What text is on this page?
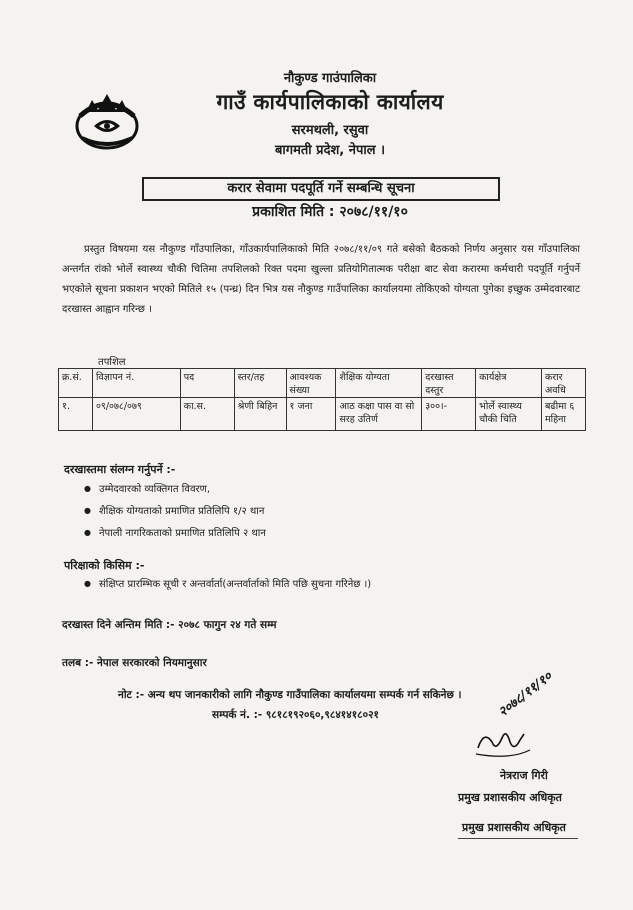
नौकुण्ड गाउंपालिका
गाउँ कार्यपालिकाको कार्यालय
सरमथली, रसुवा
बागमती प्रदेश, नेपाल ।
करार सेवामा पदपूर्ति गर्ने सम्बन्धि सूचना
प्रकाशित मिति : २०७८/११/१०
प्रस्तुत विषयमा यस नौकुण्ड गाँउपालिका, गाँउकार्यपालिकाको मिति २०७८/११/०९ गते बसेको बैठकको निर्णय अनुसार यस गाँउपालिका अन्तर्गत रांको भोर्ले स्वास्थ्य चौकी चितिमा तपशिलको रिक्त पदमा खुल्ला प्रतियोगितात्मक परीक्षा बाट सेवा करारमा कर्मचारी पदपूर्ति गर्नुपर्ने भएकोले सूचना प्रकाशन भएको मितिले १५ (पन्ध्र) दिन भित्र यस नौकुण्ड गाउँपालिका कार्यालयमा तोकिएको योग्यता पुगेका इच्छुक उम्मेदवारबाट दरखास्त आह्वान गरिन्छ ।
तपशिल
क्र.सं.	विज्ञापन नं.	पद	स्तर/तह	आवश्यक संख्या	शैक्षिक योग्यता	दरखास्त दस्तुर	कार्यक्षेत्र	करार अवधि
१.	०९/०७८/०७९	का.स.	श्रेणी बिहिन	१ जना	आठ कक्षा पास वा सो सरह उतिर्ण	३००।-	भोर्ले स्वास्थ्य चौकी चिति	बढीमा ६ महिना
दरखास्तमा संलग्न गर्नुपर्ने :-
● उम्मेदवारको व्यक्तिगत विवरण,
● शैक्षिक योग्यताको प्रमाणित प्रतिलिपि १/२ थान
● नेपाली नागरिकताको प्रमाणित प्रतिलिपि २ थान
परिक्षाको किसिम :-
● संक्षिप्त प्रारम्भिक सूची र अन्तर्वार्ता(अन्तर्वार्ताको मिति पछि सुचना गरिनेछ ।)
दरखास्त दिने अन्तिम मिति :- २०७८ फागुन २४ गते सम्म
तलब :- नेपाल सरकारको नियमानुसार
नोट :- अन्य थप जानकारीको लागि नौकुण्ड गाउँपालिका कार्यालयमा सम्पर्क गर्न सकिनेछ ।
सम्पर्क नं. :- ९८१८१९२०६०,९८४१४१८०२१	२०७८/११/१०
नेत्रराज गिरी
प्रमुख प्रशासकीय अधिकृत
प्रमुख प्रशासकीय अधिकृत
